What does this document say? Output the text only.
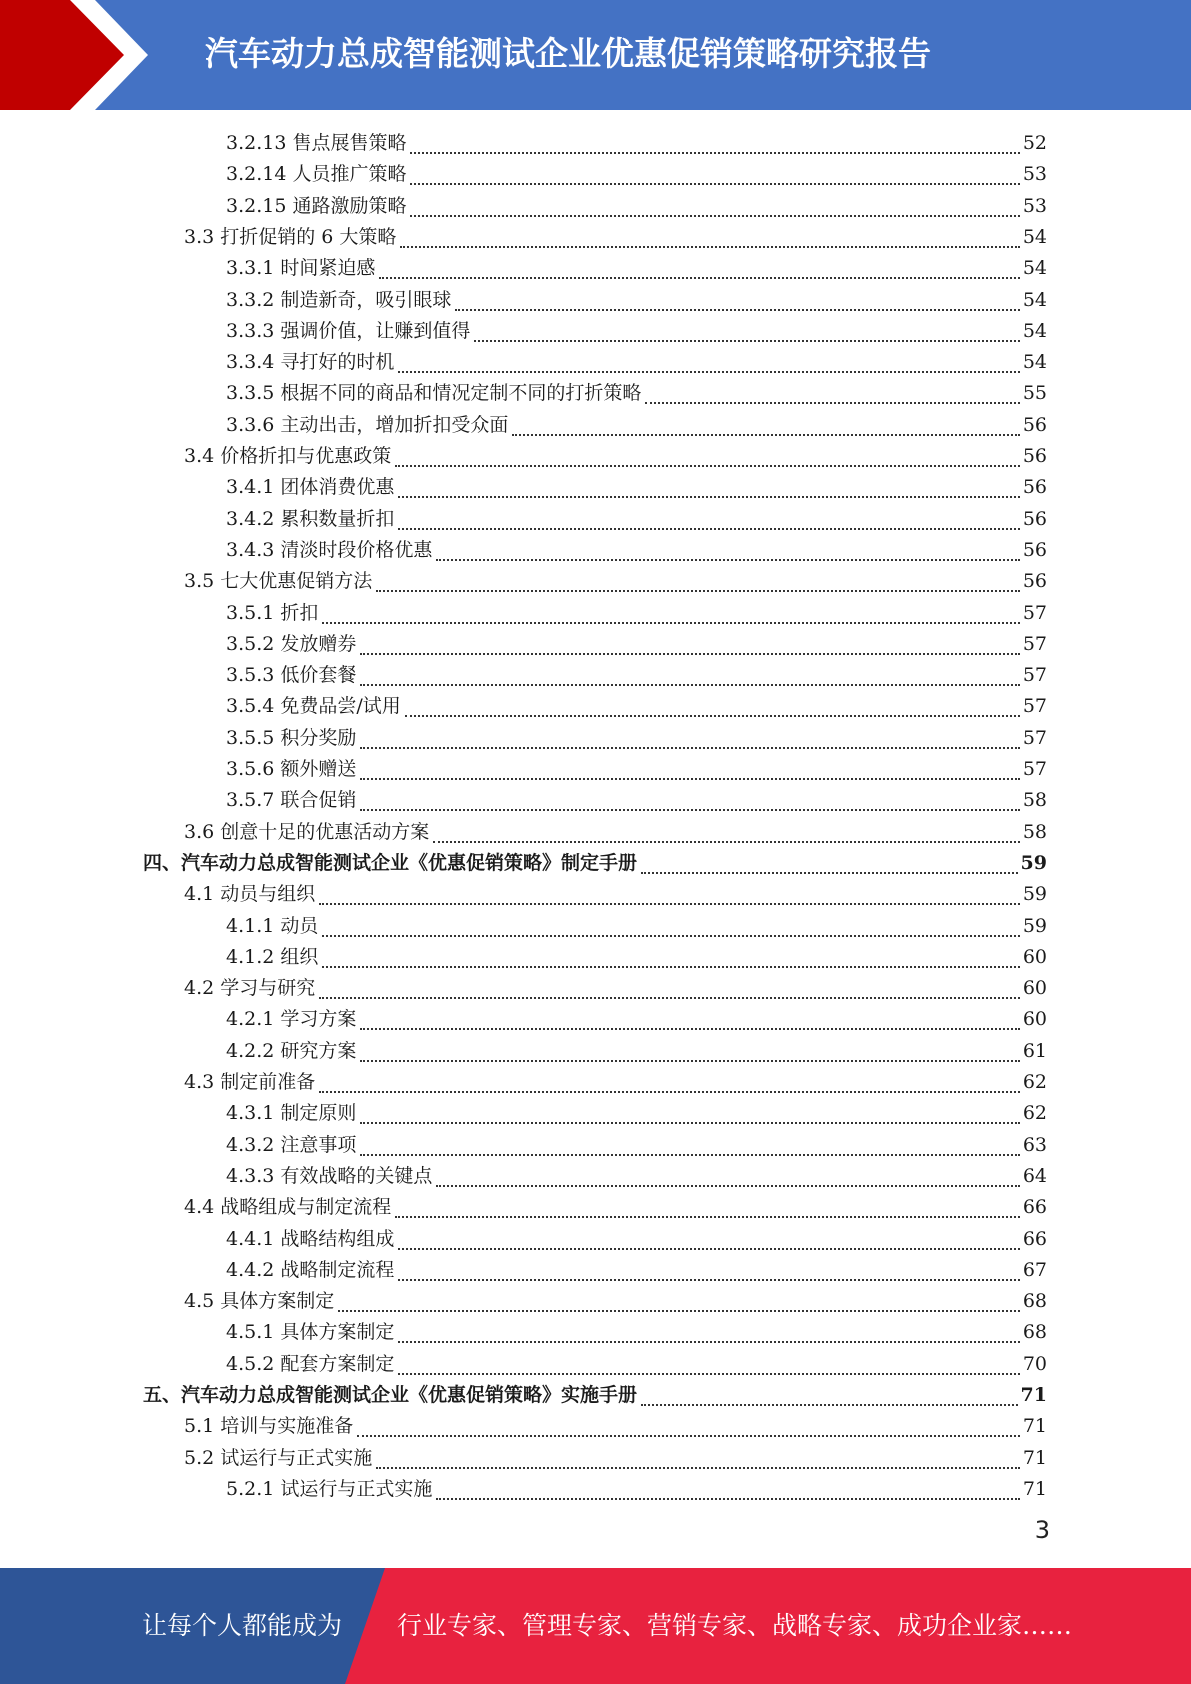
汽车动力总成智能测试企业优惠促销策略研究报告
3.2.13 售点展售策略	52
3.2.14 人员推广策略	53
3.2.15 通路激励策略	53
3.3 打折促销的 6 大策略	54
3.3.1 时间紧迫感	54
3.3.2 制造新奇，吸引眼球	54
3.3.3 强调价值，让赚到值得	54
3.3.4 寻打好的时机	54
3.3.5 根据不同的商品和情况定制不同的打折策略	55
3.3.6 主动出击，增加折扣受众面	56
3.4 价格折扣与优惠政策	56
3.4.1 团体消费优惠	56
3.4.2 累积数量折扣	56
3.4.3 清淡时段价格优惠	56
3.5 七大优惠促销方法	56
3.5.1 折扣	57
3.5.2 发放赠券	57
3.5.3 低价套餐	57
3.5.4 免费品尝/试用	57
3.5.5 积分奖励	57
3.5.6 额外赠送	57
3.5.7 联合促销	58
3.6 创意十足的优惠活动方案	58
四、汽车动力总成智能测试企业《优惠促销策略》制定手册	59
4.1 动员与组织	59
4.1.1 动员	59
4.1.2 组织	60
4.2 学习与研究	60
4.2.1 学习方案	60
4.2.2 研究方案	61
4.3 制定前准备	62
4.3.1 制定原则	62
4.3.2 注意事项	63
4.3.3 有效战略的关键点	64
4.4 战略组成与制定流程	66
4.4.1 战略结构组成	66
4.4.2 战略制定流程	67
4.5 具体方案制定	68
4.5.1 具体方案制定	68
4.5.2 配套方案制定	70
五、汽车动力总成智能测试企业《优惠促销策略》实施手册	71
5.1 培训与实施准备	71
5.2 试运行与正式实施	71
5.2.1 试运行与正式实施	71
3
让每个人都能成为 行业专家、管理专家、营销专家、战略专家、成功企业家……
